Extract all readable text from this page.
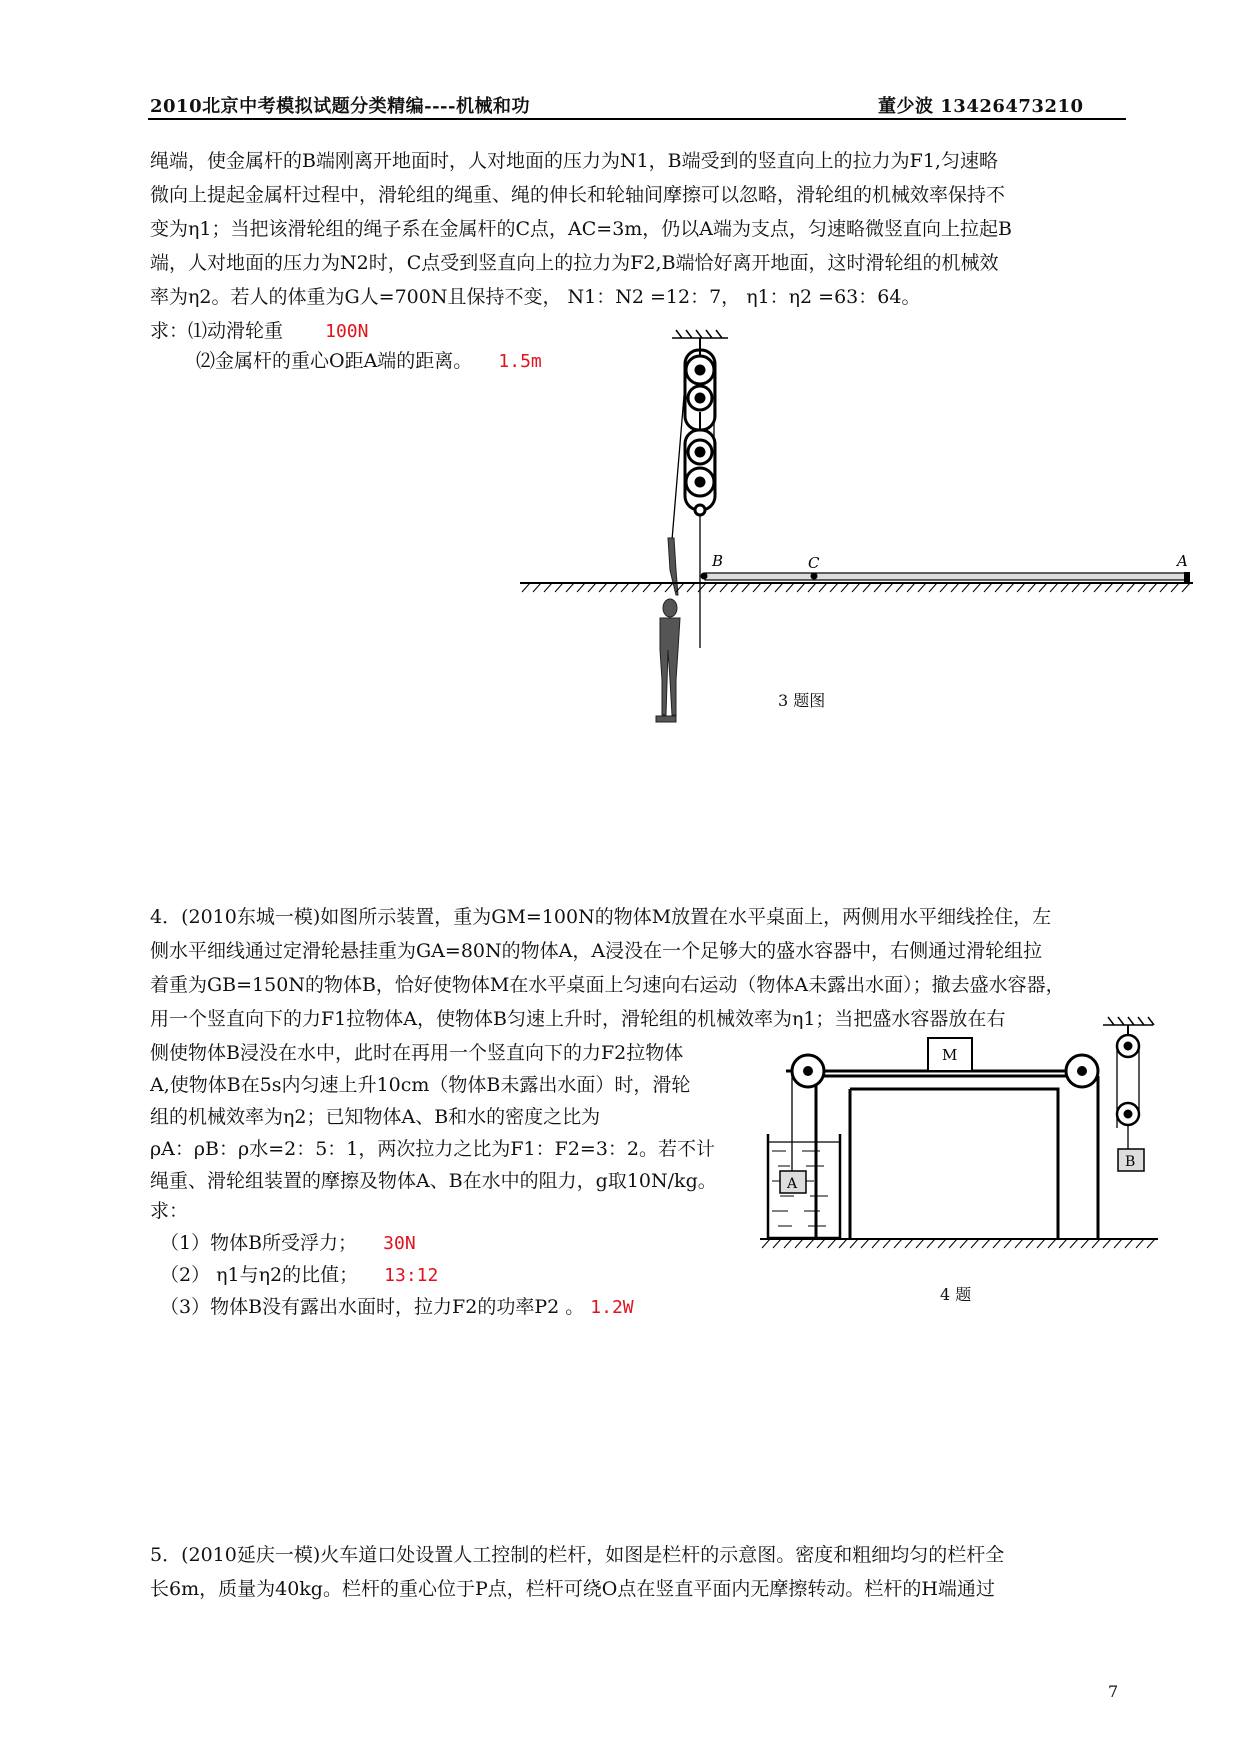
2010北京中考模拟试题分类精编----机械和功	董少波 13426473210
绳端，使金属杆的B端刚离开地面时，人对地面的压力为N1，B端受到的竖直向上的拉力为F1,匀速略
微向上提起金属杆过程中，滑轮组的绳重、绳的伸长和轮轴间摩擦可以忽略，滑轮组的机械效率保持不
变为η1；当把该滑轮组的绳子系在金属杆的C点，AC=3m，仍以A端为支点，匀速略微竖直向上拉起B
端，人对地面的压力为N2时，C点受到竖直向上的拉力为F2,B端恰好离开地面，这时滑轮组的机械效
率为η2。若人的体重为G人=700N且保持不变， N1：N2 =12：7， η1：η2 =63：64。
求：⑴动滑轮重 100N
⑵金属杆的重心O距A端的距离。 1.5m
B	C	A
3 题图
4．(2010东城一模)如图所示装置，重为GM=100N的物体M放置在水平桌面上，两侧用水平细线拴住，左
侧水平细线通过定滑轮悬挂重为GA=80N的物体A，A浸没在一个足够大的盛水容器中，右侧通过滑轮组拉
着重为GB=150N的物体B，恰好使物体M在水平桌面上匀速向右运动（物体A未露出水面）；撤去盛水容器，
用一个竖直向下的力F1拉物体A，使物体B匀速上升时，滑轮组的机械效率为η1；当把盛水容器放在右
侧使物体B浸没在水中，此时在再用一个竖直向下的力F2拉物体
A,使物体B在5s内匀速上升10cm（物体B未露出水面）时，滑轮
组的机械效率为η2；已知物体A、B和水的密度之比为
ρA：ρB：ρ水=2：5：1，两次拉力之比为F1：F2=3：2。若不计
绳重、滑轮组装置的摩擦及物体A、B在水中的阻力，g取10N/kg。
求：
（1）物体B所受浮力； 30N
（2） η1与η2的比值； 13:12
（3）物体B没有露出水面时，拉力F2的功率P2 。 1.2W
M
A
B
4 题
5．(2010延庆一模)火车道口处设置人工控制的栏杆，如图是栏杆的示意图。密度和粗细均匀的栏杆全
长6m，质量为40kg。栏杆的重心位于P点，栏杆可绕O点在竖直平面内无摩擦转动。栏杆的H端通过
7
